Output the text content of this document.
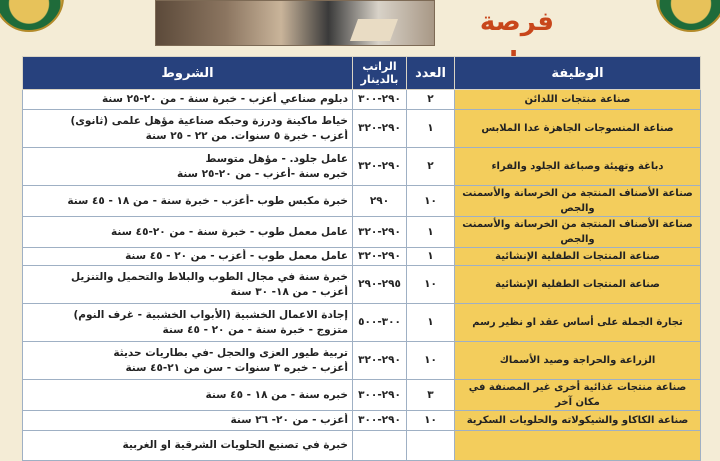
فرصة
الوظيفة	العدد	الراتب بالدينار	الشروط
صناعة منتجات اللدائن	٢	٢٩٠-٣٠٠	دبلوم صناعي أعزب - خبرة سنة - من ٢٠-٢٥ سنة

صناعة المنسوجات الجاهزة عدا الملابس	١	٢٩٠-٣٢٠	خياط ماكينة ودرزة وحبكه صناعية مؤهل علمى (ثانوى)
أعزب - خبرة ٥ سنوات. من ٢٢ - ٢٥ سنة

دباغة وتهيئة وصباغة الجلود والفراء	٢	٢٩٠-٣٢٠	عامل جلود. - مؤهل متوسط
خبره سنة -أعزب - من ٢٠-٢٥ سنة

صناعة الأصناف المنتجة من الخرسانة والأسمنت والجص	١٠	٢٩٠	خبرة مكبس طوب -أعزب - خبرة سنة - من ١٨ - ٤٥ سنة

صناعة الأصناف المنتجة من الخرسانة والأسمنت والجص	١	٢٩٠-٣٢٠	عامل معمل طوب - خبرة سنة - من ٢٠-٤٥ سنة

صناعة المنتجات الطفلية الإنشائية	١	٢٩٠-٣٢٠	عامل معمل طوب - أعزب - من ٢٠ - ٤٥ سنة

صناعة المنتجات الطفلية الإنشائية	١٠	٢٩٥-٢٩٠	خبرة سنة في مجال الطوب والبلاط والتحميل والتنزيل
أعزب - من ١٨- ٣٠ سنة

تجارة الجملة على أساس عقد او نظير رسم	١	٣٠٠-٥٠٠	إجادة الاعمال الخشبية (الأبواب الخشبية - غرف النوم)
متزوج - خبرة سنة - من ٢٠ - ٤٥ سنة

الزراعة والحراجة وصيد الأسماك	١٠	٢٩٠-٣٢٠	تربية طيور العزى والحجل -في بطاريات حديثة
أعزب - خبره ٣ سنوات - سن من ٢١-٤٥ سنة

صناعة منتجات غذائية أخرى غير المصنفة في مكان آخر	٣	٢٩٠-٣٠٠	خبره سنة - من ١٨ - ٤٥ سنة

صناعة الكاكاو والشيكولاته والحلويات السكرية	١٠	٢٩٠-٣٠٠	أعزب - من ٢٠- ٢٦ سنة

			خبرة في تصنيع الحلويات الشرقية او الغربية
